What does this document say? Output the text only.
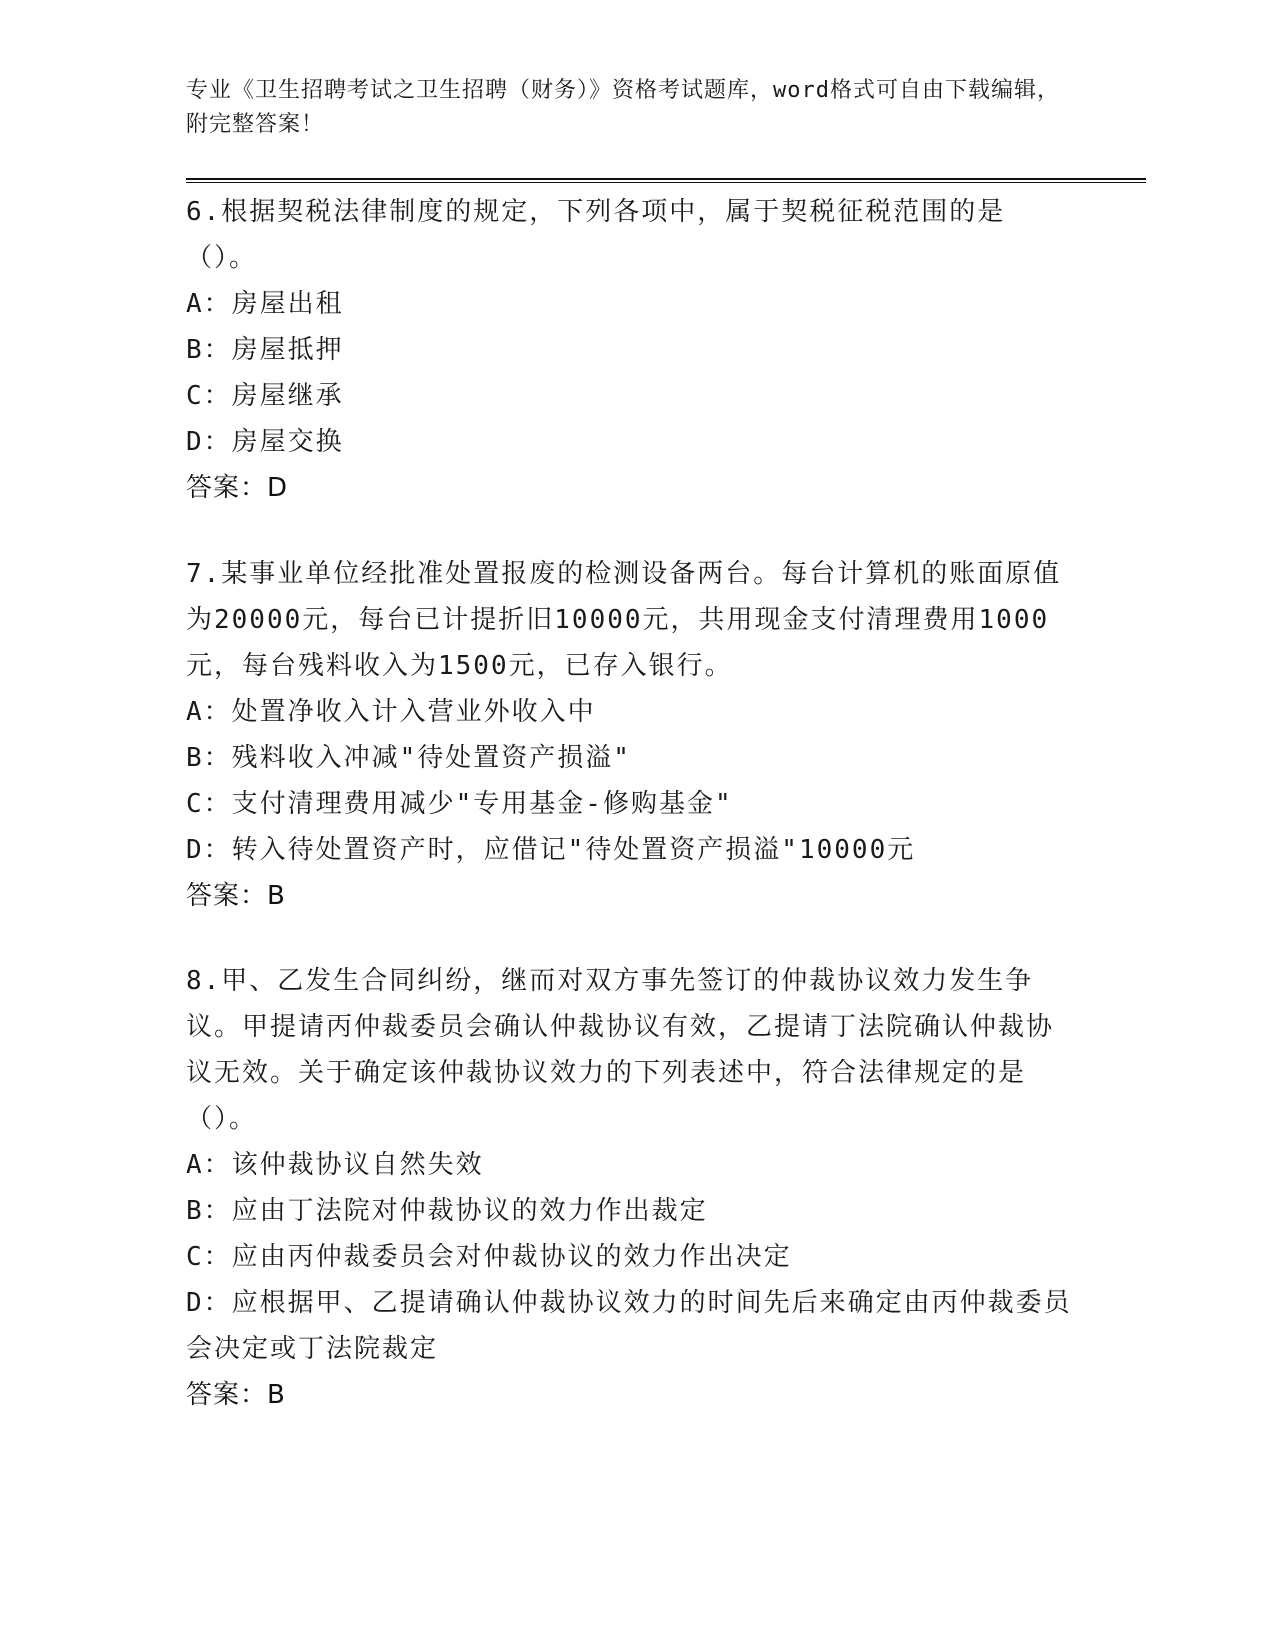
专业《卫生招聘考试之卫生招聘（财务）》资格考试题库，word格式可自由下载编辑，附完整答案！

6.根据契税法律制度的规定，下列各项中，属于契税征税范围的是（）。

A：房屋出租

B：房屋抵押

C：房屋继承

D：房屋交换

答案：D

7.某事业单位经批准处置报废的检测设备两台。每台计算机的账面原值为20000元，每台已计提折旧10000元，共用现金支付清理费用1000元，每台残料收入为1500元，已存入银行。

A：处置净收入计入营业外收入中

B：残料收入冲减"待处置资产损溢"

C：支付清理费用减少"专用基金-修购基金"

D：转入待处置资产时，应借记"待处置资产损溢"10000元

答案：B

8.甲、乙发生合同纠纷，继而对双方事先签订的仲裁协议效力发生争议。甲提请丙仲裁委员会确认仲裁协议有效，乙提请丁法院确认仲裁协议无效。关于确定该仲裁协议效力的下列表述中，符合法律规定的是（）。

A：该仲裁协议自然失效

B：应由丁法院对仲裁协议的效力作出裁定

C：应由丙仲裁委员会对仲裁协议的效力作出决定

D：应根据甲、乙提请确认仲裁协议效力的时间先后来确定由丙仲裁委员会决定或丁法院裁定

答案：B
